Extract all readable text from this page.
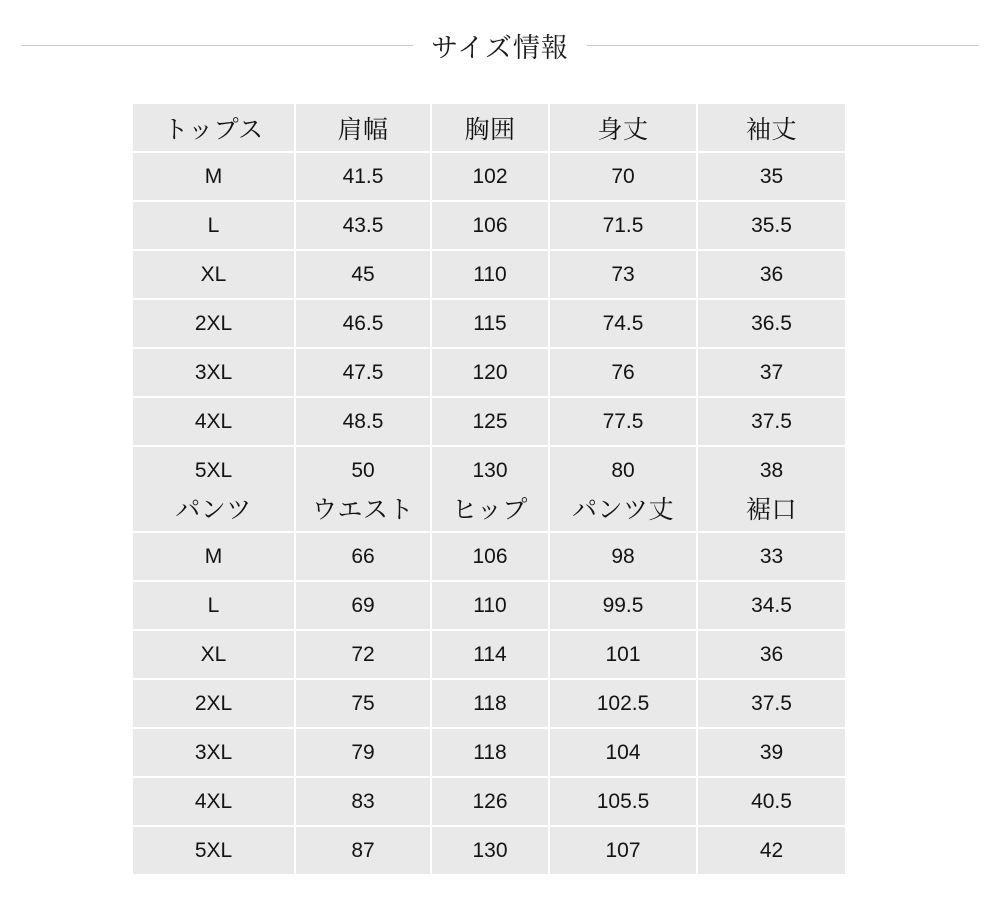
サイズ情報
トップス	肩幅	胸囲	身丈	袖丈
M	41.5	102	70	35
L	43.5	106	71.5	35.5
XL	45	110	73	36
2XL	46.5	115	74.5	36.5
3XL	47.5	120	76	37
4XL	48.5	125	77.5	37.5
5XL	50	130	80	38
パンツ	ウエスト	ヒップ	パンツ丈	裾口
M	66	106	98	33
L	69	110	99.5	34.5
XL	72	114	101	36
2XL	75	118	102.5	37.5
3XL	79	118	104	39
4XL	83	126	105.5	40.5
5XL	87	130	107	42
